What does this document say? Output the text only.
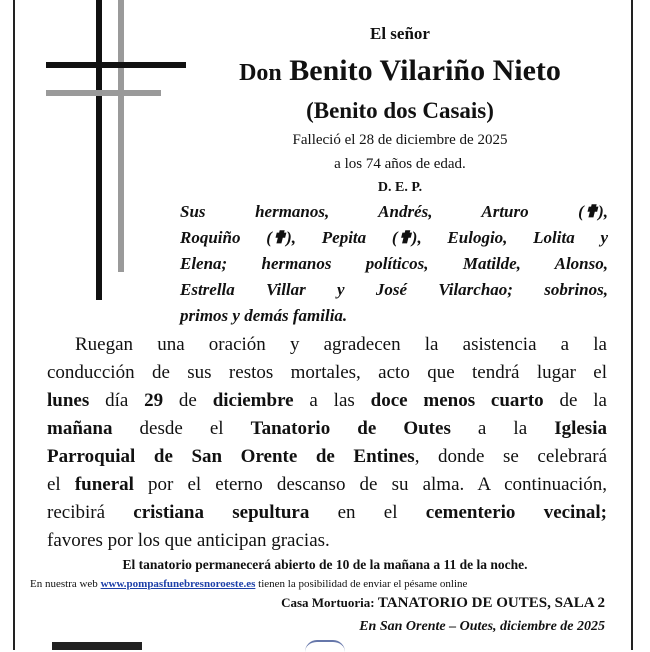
El señor
Don Benito Vilariño Nieto
(Benito dos Casais)
Falleció el 28 de diciembre de 2025
a los 74 años de edad.
D. E. P.
Sus hermanos, Andrés, Arturo (✟),
Roquiño (✟), Pepita (✟), Eulogio, Lolita y
Elena; hermanos políticos, Matilde, Alonso,
Estrella Villar y José Vilarchao; sobrinos,
primos y demás familia.
Ruegan una oración y agradecen la asistencia a la
conducción de sus restos mortales, acto que tendrá lugar el
lunes día 29 de diciembre a las doce menos cuarto de la
mañana desde el Tanatorio de Outes a la Iglesia
Parroquial de San Orente de Entines, donde se celebrará
el funeral por el eterno descanso de su alma. A continuación,
recibirá cristiana sepultura en el cementerio vecinal;
favores por los que anticipan gracias.
El tanatorio permanecerá abierto de 10 de la mañana a 11 de la noche.
En nuestra web www.pompasfunebresnoroeste.es tienen la posibilidad de enviar el pésame online
Casa Mortuoria: TANATORIO DE OUTES, SALA 2
En San Orente – Outes, diciembre de 2025
